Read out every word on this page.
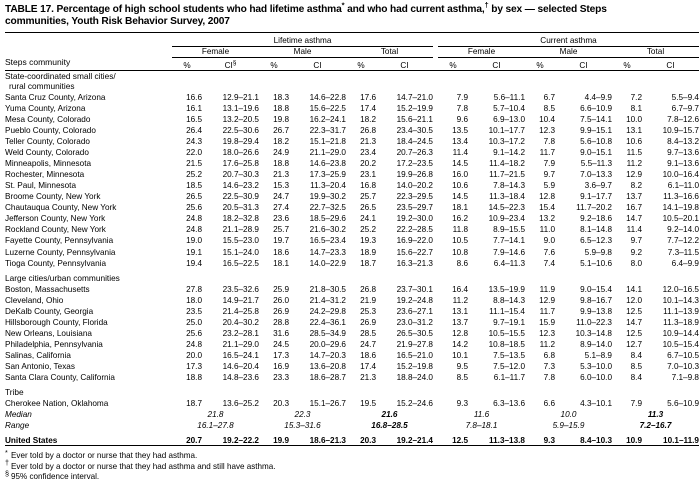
TABLE 17. Percentage of high school students who had lifetime asthma* and who had current asthma,† by sex — selected Steps communities, Youth Risk Behavior Survey, 2007

	Lifetime asthma							Current asthma					
	Female		Male		Total			Female		Male		Total	
Steps community	%	CI§	%	CI	%	CI		%	CI	%	CI	%	CI

State-coordinated small cities/													
rural communities													
Santa Cruz County, Arizona	16.6	12.9–21.1	18.3	14.6–22.8	17.6	14.7–21.0		7.9	5.6–11.1	6.7	4.4–9.9	7.2	5.5–9.4
Yuma County, Arizona	16.1	13.1–19.6	18.8	15.6–22.5	17.4	15.2–19.9		7.8	5.7–10.4	8.5	6.6–10.9	8.1	6.7–9.7
Mesa County, Colorado	16.5	13.2–20.5	19.8	16.2–24.1	18.2	15.6–21.1		9.6	6.9–13.0	10.4	7.5–14.1	10.0	7.8–12.6
Pueblo County, Colorado	26.4	22.5–30.6	26.7	22.3–31.7	26.8	23.4–30.5		13.5	10.1–17.7	12.3	9.9–15.1	13.1	10.9–15.7
Teller County, Colorado	24.3	19.8–29.4	18.2	15.1–21.8	21.3	18.4–24.5		13.4	10.3–17.2	7.8	5.6–10.8	10.6	8.4–13.2
Weld County, Colorado	22.0	18.0–26.6	24.9	21.1–29.0	23.4	20.7–26.3		11.4	9.1–14.2	11.7	9.0–15.1	11.5	9.7–13.6
Minneapolis, Minnesota	21.5	17.6–25.8	18.8	14.6–23.8	20.2	17.2–23.5		14.5	11.4–18.2	7.9	5.5–11.3	11.2	9.1–13.6
Rochester, Minnesota	25.2	20.7–30.3	21.3	17.3–25.9	23.1	19.9–26.8		16.0	11.7–21.5	9.7	7.0–13.3	12.9	10.0–16.4
St. Paul, Minnesota	18.5	14.6–23.2	15.3	11.3–20.4	16.8	14.0–20.2		10.6	7.8–14.3	5.9	3.6–9.7	8.2	6.1–11.0
Broome County, New York	26.5	22.5–30.9	24.7	19.9–30.2	25.7	22.3–29.5		14.5	11.3–18.4	12.8	9.1–17.7	13.7	11.3–16.6
Chautauqua County, New York	25.6	20.5–31.3	27.4	22.7–32.5	26.5	23.5–29.7		18.1	14.5–22.3	15.4	11.7–20.2	16.7	14.1–19.8
Jefferson County, New York	24.8	18.2–32.8	23.6	18.5–29.6	24.1	19.2–30.0		16.2	10.9–23.4	13.2	9.2–18.6	14.7	10.5–20.1
Rockland County, New York	24.8	21.1–28.9	25.7	21.6–30.2	25.2	22.2–28.5		11.8	8.9–15.5	11.0	8.1–14.8	11.4	9.2–14.0
Fayette County, Pennsylvania	19.0	15.5–23.0	19.7	16.5–23.4	19.3	16.9–22.0		10.5	7.7–14.1	9.0	6.5–12.3	9.7	7.7–12.2
Luzerne County, Pennsylvania	19.1	15.1–24.0	18.6	14.7–23.3	18.9	15.6–22.7		10.8	7.9–14.6	7.6	5.9–9.8	9.2	7.3–11.5
Tioga County, Pennsylvania	19.4	16.5–22.5	18.1	14.0–22.9	18.7	16.3–21.3		8.6	6.4–11.3	7.4	5.1–10.6	8.0	6.4–9.9

Large cities/urban communities													
Boston, Massachusetts	27.8	23.5–32.6	25.9	21.8–30.5	26.8	23.7–30.1		16.4	13.5–19.9	11.9	9.0–15.4	14.1	12.0–16.5
Cleveland, Ohio	18.0	14.9–21.7	26.0	21.4–31.2	21.9	19.2–24.8		11.2	8.8–14.3	12.9	9.8–16.7	12.0	10.1–14.3
DeKalb County, Georgia	23.5	21.4–25.8	26.9	24.2–29.8	25.3	23.6–27.1		13.1	11.1–15.4	11.7	9.9–13.8	12.5	11.1–13.9
Hillsborough County, Florida	25.0	20.4–30.2	28.8	22.4–36.1	26.9	23.0–31.2		13.7	9.7–19.1	15.9	11.0–22.3	14.7	11.3–18.9
New Orleans, Louisiana	25.6	23.2–28.1	31.6	28.5–34.9	28.5	26.5–30.5		12.8	10.5–15.5	12.3	10.3–14.8	12.5	10.9–14.4
Philadelphia, Pennsylvania	24.8	21.1–29.0	24.5	20.0–29.6	24.7	21.9–27.8		14.2	10.8–18.5	11.2	8.9–14.0	12.7	10.5–15.4
Salinas, California	20.0	16.5–24.1	17.3	14.7–20.3	18.6	16.5–21.0		10.1	7.5–13.5	6.8	5.1–8.9	8.4	6.7–10.5
San Antonio, Texas	17.3	14.6–20.4	16.9	13.6–20.8	17.4	15.2–19.8		9.5	7.5–12.0	7.3	5.3–10.0	8.5	7.0–10.3
Santa Clara County, California	18.8	14.8–23.6	23.3	18.6–28.7	21.3	18.8–24.0		8.5	6.1–11.7	7.8	6.0–10.0	8.4	7.1–9.8

Tribe													
Cherokee Nation, Oklahoma	18.7	13.6–25.2	20.3	15.1–26.7	19.5	15.2–24.6		9.3	6.3–13.6	6.6	4.3–10.1	7.9	5.6–10.9
Median	21.8		22.3		21.6			11.6		10.0		11.3	
Range	16.1–27.8		15.3–31.6		16.8–28.5			7.8–18.1		5.9–15.9		7.2–16.7	
United States	20.7	19.2–22.2	19.9	18.6–21.3	20.3	19.2–21.4		12.5	11.3–13.8	9.3	8.4–10.3	10.9	10.1–11.9

* Ever told by a doctor or nurse that they had asthma.
† Ever told by a doctor or nurse that they had asthma and still have asthma.
§ 95% confidence interval.
